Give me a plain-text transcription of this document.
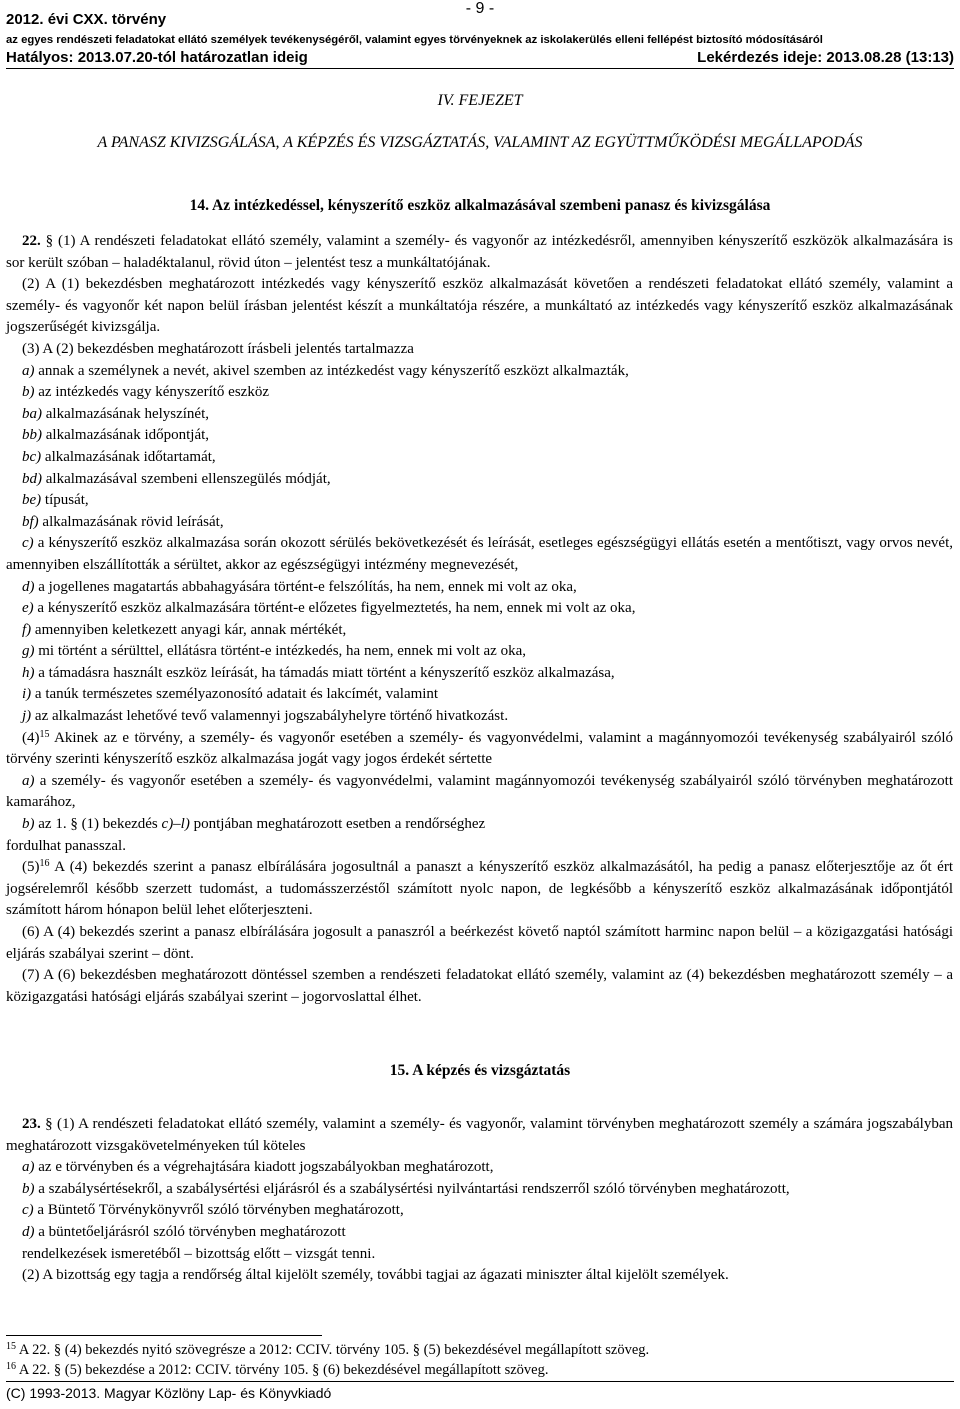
- 9 -
2012. évi CXX. törvény
az egyes rendészeti feladatokat ellátó személyek tevékenységéről, valamint egyes törvényeknek az iskolakerülés elleni fellépést biztosító módosításáról
Hatályos: 2013.07.20-tól határozatlan ideig	Lekérdezés ideje: 2013.08.28 (13:13)
IV. FEJEZET
A PANASZ KIVIZSGÁLÁSA, A KÉPZÉS ÉS VIZSGÁZTATÁS, VALAMINT AZ EGYÜTTMŰKÖDÉSI MEGÁLLAPODÁS
14. Az intézkedéssel, kényszerítő eszköz alkalmazásával szembeni panasz és kivizsgálása

22. § (1) A rendészeti feladatokat ellátó személy, valamint a személy- és vagyonőr az intézkedésről, amennyiben kényszerítő eszközök alkalmazására is sor került szóban – haladéktalanul, rövid úton – jelentést tesz a munkáltatójának.

(2) A (1) bekezdésben meghatározott intézkedés vagy kényszerítő eszköz alkalmazását követően a rendészeti feladatokat ellátó személy, valamint a személy- és vagyonőr két napon belül írásban jelentést készít a munkáltatója részére, a munkáltató az intézkedés vagy kényszerítő eszköz alkalmazásának jogszerűségét kivizsgálja.

(3) A (2) bekezdésben meghatározott írásbeli jelentés tartalmazza

a) annak a személynek a nevét, akivel szemben az intézkedést vagy kényszerítő eszközt alkalmazták,

b) az intézkedés vagy kényszerítő eszköz

ba) alkalmazásának helyszínét,

bb) alkalmazásának időpontját,

bc) alkalmazásának időtartamát,

bd) alkalmazásával szembeni ellenszegülés módját,

be) típusát,

bf) alkalmazásának rövid leírását,

c) a kényszerítő eszköz alkalmazása során okozott sérülés bekövetkezését és leírását, esetleges egészségügyi ellátás esetén a mentőtiszt, vagy orvos nevét, amennyiben elszállították a sérültet, akkor az egészségügyi intézmény megnevezését,

d) a jogellenes magatartás abbahagyására történt-e felszólítás, ha nem, ennek mi volt az oka,

e) a kényszerítő eszköz alkalmazására történt-e előzetes figyelmeztetés, ha nem, ennek mi volt az oka,

f) amennyiben keletkezett anyagi kár, annak mértékét,

g) mi történt a sérülttel, ellátásra történt-e intézkedés, ha nem, ennek mi volt az oka,

h) a támadásra használt eszköz leírását, ha támadás miatt történt a kényszerítő eszköz alkalmazása,

i) a tanúk természetes személyazonosító adatait és lakcímét, valamint

j) az alkalmazást lehetővé tevő valamennyi jogszabályhelyre történő hivatkozást.

$(4)^{15}$ Akinek az e törvény, a személy- és vagyonőr esetében a személy- és vagyonvédelmi, valamint a magánnyomozói tevékenység szabályairól szóló törvény szerinti kényszerítő eszköz alkalmazása jogát vagy jogos érdekét sértette

a) a személy- és vagyonőr esetében a személy- és vagyonvédelmi, valamint magánnyomozói tevékenység szabályairól szóló törvényben meghatározott kamarához,

b) az 1. § (1) bekezdés c)–l) pontjában meghatározott esetben a rendőrséghez

fordulhat panasszal.

$(5)^{16}$ A (4) bekezdés szerint a panasz elbírálására jogosultnál a panaszt a kényszerítő eszköz alkalmazásától, ha pedig a panasz előterjesztője az őt ért jogsérelemről később szerzett tudomást, a tudomásszerzéstől számított nyolc napon, de legkésőbb a kényszerítő eszköz alkalmazásának időpontjától számított három hónapon belül lehet előterjeszteni.

(6) A (4) bekezdés szerint a panasz elbírálására jogosult a panaszról a beérkezést követő naptól számított harminc napon belül – a közigazgatási hatósági eljárás szabályai szerint – dönt.

(7) A (6) bekezdésben meghatározott döntéssel szemben a rendészeti feladatokat ellátó személy, valamint az (4) bekezdésben meghatározott személy – a közigazgatási hatósági eljárás szabályai szerint – jogorvoslattal élhet.

15. A képzés és vizsgáztatás

23. § (1) A rendészeti feladatokat ellátó személy, valamint a személy- és vagyonőr, valamint törvényben meghatározott személy a számára jogszabályban meghatározott vizsgakövetelményeken túl köteles

a) az e törvényben és a végrehajtására kiadott jogszabályokban meghatározott,

b) a szabálysértésekről, a szabálysértési eljárásról és a szabálysértési nyilvántartási rendszerről szóló törvényben meghatározott,

c) a Büntető Törvénykönyvről szóló törvényben meghatározott,

d) a büntetőeljárásról szóló törvényben meghatározott

rendelkezések ismeretéből – bizottság előtt – vizsgát tenni.

(2) A bizottság egy tagja a rendőrség által kijelölt személy, további tagjai az ágazati miniszter által kijelölt személyek.

$^{15}$ A 22. § (4) bekezdés nyitó szövegrésze a 2012: CCIV. törvény 105. § (5) bekezdésével megállapított szöveg.
$^{16}$ A 22. § (5) bekezdése a 2012: CCIV. törvény 105. § (6) bekezdésével megállapított szöveg.
(C) 1993-2013. Magyar Közlöny Lap- és Könyvkiadó
